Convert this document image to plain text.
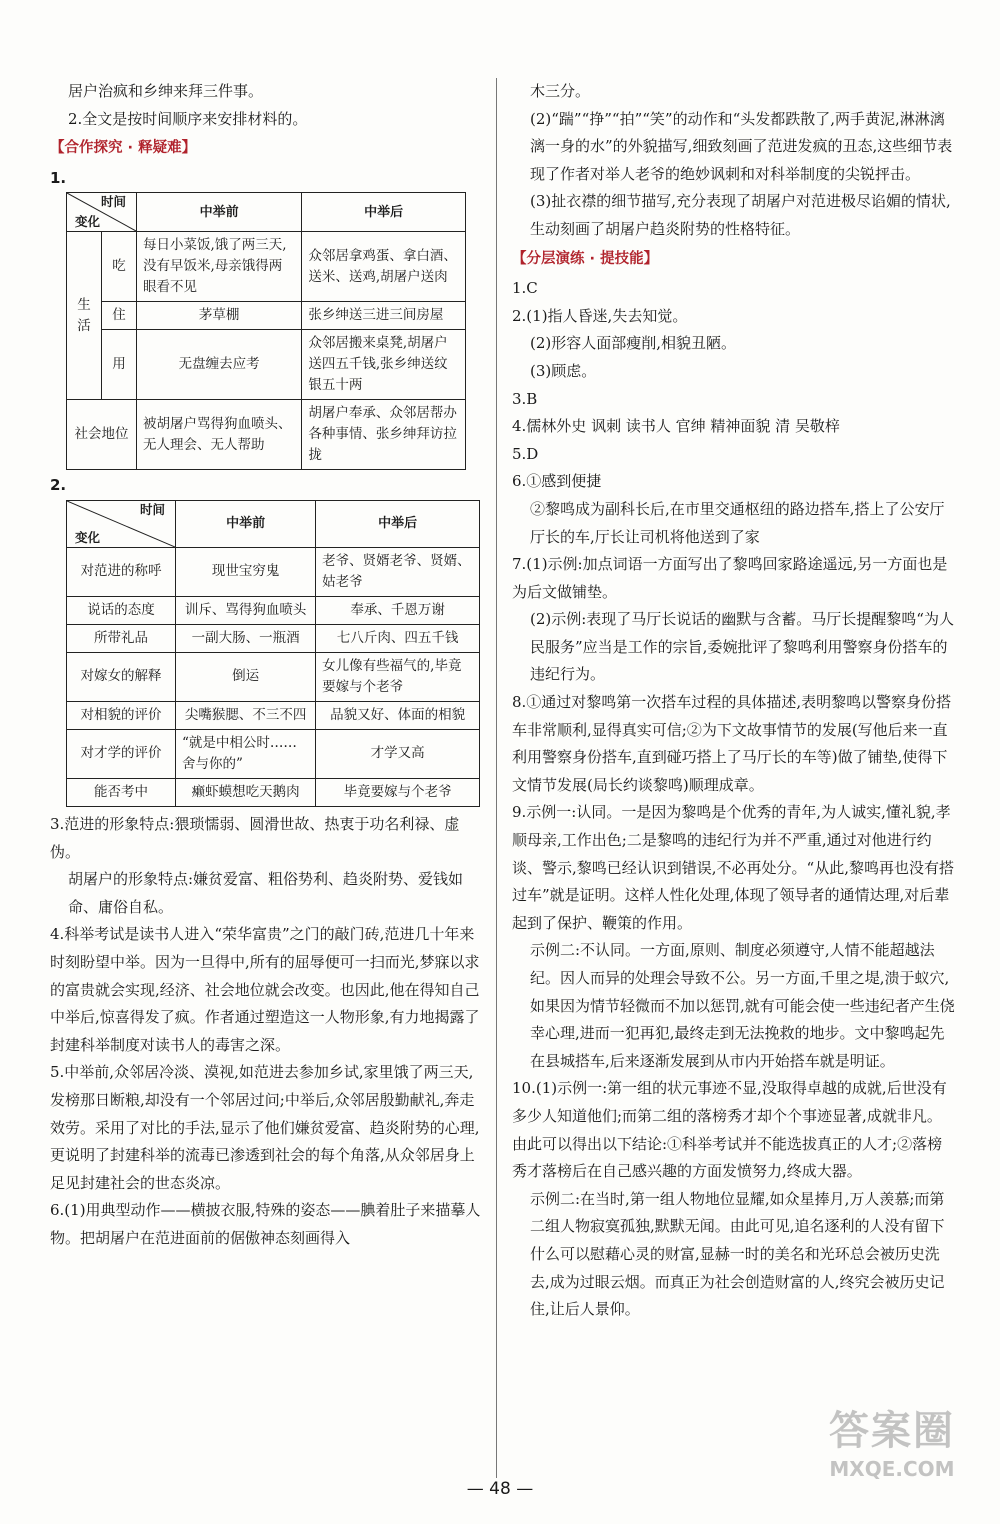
居户治疯和乡绅来拜三件事。

2.全文是按时间顺序来安排材料的。

【合作探究 · 释疑难】
1.
时间
变化		中举前	中举后
生活	吃	每日小菜饭,饿了两三天,没有早饭米,母亲饿得两眼看不见	众邻居拿鸡蛋、拿白酒、送米、送鸡,胡屠户送肉
	住	茅草棚	张乡绅送三进三间房屋
	用	无盘缠去应考	众邻居搬来桌凳,胡屠户送四五千钱,张乡绅送纹银五十两
社会地位		被胡屠户骂得狗血喷头、无人理会、无人帮助	胡屠户奉承、众邻居帮办各种事情、张乡绅拜访拉拢
2.
时间
变化	中举前	中举后
对范进的称呼	现世宝穷鬼	老爷、贤婿老爷、贤婿、姑老爷
说话的态度	训斥、骂得狗血喷头	奉承、千恩万谢
所带礼品	一副大肠、一瓶酒	七八斤肉、四五千钱
对嫁女的解释	倒运	女儿像有些福气的,毕竟要嫁与个老爷
对相貌的评价	尖嘴猴腮、不三不四	品貌又好、体面的相貌
对才学的评价	“就是中相公时……舍与你的”	才学又高
能否考中	癞虾蟆想吃天鹅肉	毕竟要嫁与个老爷

3.范进的形象特点:猥琐懦弱、圆滑世故、热衷于功名利禄、虚伪。

胡屠户的形象特点:嫌贫爱富、粗俗势利、趋炎附势、爱钱如命、庸俗自私。

4.科举考试是读书人进入“荣华富贵”之门的敲门砖,范进几十年来时刻盼望中举。因为一旦得中,所有的屈辱便可一扫而光,梦寐以求的富贵就会实现,经济、社会地位就会改变。也因此,他在得知自己中举后,惊喜得发了疯。作者通过塑造这一人物形象,有力地揭露了封建科举制度对读书人的毒害之深。

5.中举前,众邻居冷淡、漠视,如范进去参加乡试,家里饿了两三天,发榜那日断粮,却没有一个邻居过问;中举后,众邻居殷勤献礼,奔走效劳。采用了对比的手法,显示了他们嫌贫爱富、趋炎附势的心理,更说明了封建科举的流毒已渗透到社会的每个角落,从众邻居身上足见封建社会的世态炎凉。

6.(1)用典型动作——横披衣服,特殊的姿态——腆着肚子来描摹人物。把胡屠户在范进面前的倨傲神态刻画得入

木三分。

(2)“踹”“挣”“拍”“笑”的动作和“头发都跌散了,两手黄泥,淋淋漓漓一身的水”的外貌描写,细致刻画了范进发疯的丑态,这些细节表现了作者对举人老爷的绝妙讽刺和对科举制度的尖锐抨击。

(3)扯衣襟的细节描写,充分表现了胡屠户对范进极尽谄媚的情状,生动刻画了胡屠户趋炎附势的性格特征。

【分层演练 · 提技能】

1.C

2.(1)指人昏迷,失去知觉。

(2)形容人面部瘦削,相貌丑陋。

(3)顾虑。

3.B

4.儒林外史 讽刺 读书人 官绅 精神面貌 清 吴敬梓

5.D

6.①感到便捷

②黎鸣成为副科长后,在市里交通枢纽的路边搭车,搭上了公安厅厅长的车,厅长让司机将他送到了家

7.(1)示例:加点词语一方面写出了黎鸣回家路途遥远,另一方面也是为后文做铺垫。

(2)示例:表现了马厅长说话的幽默与含蓄。马厅长提醒黎鸣“为人民服务”应当是工作的宗旨,委婉批评了黎鸣利用警察身份搭车的违纪行为。

8.①通过对黎鸣第一次搭车过程的具体描述,表明黎鸣以警察身份搭车非常顺利,显得真实可信;②为下文故事情节的发展(写他后来一直利用警察身份搭车,直到碰巧搭上了马厅长的车等)做了铺垫,使得下文情节发展(局长约谈黎鸣)顺理成章。

9.示例一:认同。一是因为黎鸣是个优秀的青年,为人诚实,懂礼貌,孝顺母亲,工作出色;二是黎鸣的违纪行为并不严重,通过对他进行约谈、警示,黎鸣已经认识到错误,不必再处分。“从此,黎鸣再也没有搭过车”就是证明。这样人性化处理,体现了领导者的通情达理,对后辈起到了保护、鞭策的作用。

示例二:不认同。一方面,原则、制度必须遵守,人情不能超越法纪。因人而异的处理会导致不公。另一方面,千里之堤,溃于蚁穴,如果因为情节轻微而不加以惩罚,就有可能会使一些违纪者产生侥幸心理,进而一犯再犯,最终走到无法挽救的地步。文中黎鸣起先在县城搭车,后来逐渐发展到从市内开始搭车就是明证。

10.(1)示例一:第一组的状元事迹不显,没取得卓越的成就,后世没有多少人知道他们;而第二组的落榜秀才却个个事迹显著,成就非凡。由此可以得出以下结论:①科举考试并不能选拔真正的人才;②落榜秀才落榜后在自己感兴趣的方面发愤努力,终成大器。

示例二:在当时,第一组人物地位显耀,如众星捧月,万人羡慕;而第二组人物寂寞孤独,默默无闻。由此可见,追名逐利的人没有留下什么可以慰藉心灵的财富,显赫一时的美名和光环总会被历史洗去,成为过眼云烟。而真正为社会创造财富的人,终究会被历史记住,让后人景仰。

— 48 —
答案圈
MXQE.COM
